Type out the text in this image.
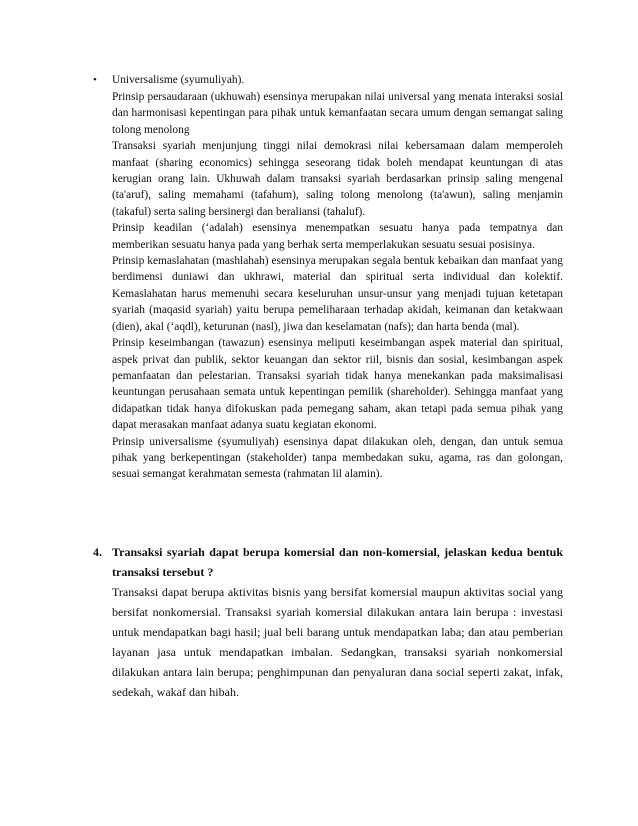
• Universalisme (syumuliyah).

Prinsip persaudaraan (ukhuwah) esensinya merupakan nilai universal yang menata interaksi sosial dan harmonisasi kepentingan para pihak untuk kemanfaatan secara umum dengan semangat saling tolong menolong

Transaksi syariah menjunjung tinggi nilai demokrasi nilai kebersamaan dalam memperoleh manfaat (sharing economics) sehingga seseorang tidak boleh mendapat keuntungan di atas kerugian orang lain. Ukhuwah dalam transaksi syariah berdasarkan prinsip saling mengenal (ta'aruf), saling memahami (tafahum), saling tolong menolong (ta'awun), saling menjamin (takaful) serta saling bersinergi dan beraliansi (tahaluf).

Prinsip keadilan (‘adalah) esensinya menempatkan sesuatu hanya pada tempatnya dan memberikan sesuatu hanya pada yang berhak serta memperlakukan sesuatu sesuai posisinya.

Prinsip kemaslahatan (mashlahah) esensinya merupakan segala bentuk kebaikan dan manfaat yang berdimensi duniawi dan ukhrawi, material dan spiritual serta individual dan kolektif. Kemaslahatan harus memenuhi secara keseluruhan unsur-unsur yang menjadi tujuan ketetapan syariah (maqasid syariah) yaitu berupa pemeliharaan terhadap akidah, keimanan dan ketakwaan (dien), akal (‘aqdl), keturunan (nasl), jiwa dan keselamatan (nafs); dan harta benda (mal).

Prinsip keseimbangan (tawazun) esensinya meliputi keseimbangan aspek material dan spiritual, aspek privat dan publik, sektor keuangan dan sektor riil, bisnis dan sosial, kesimbangan aspek pemanfaatan dan pelestarian. Transaksi syariah tidak hanya menekankan pada maksimalisasi keuntungan perusahaan semata untuk kepentingan pemilik (shareholder). Sehingga manfaat yang didapatkan tidak hanya difokuskan pada pemegang saham, akan tetapi pada semua pihak yang dapat merasakan manfaat adanya suatu kegiatan ekonomi.

Prinsip universalisme (syumuliyah) esensinya dapat dilakukan oleh, dengan, dan untuk semua pihak yang berkepentingan (stakeholder) tanpa membedakan suku, agama, ras dan golongan, sesuai semangat kerahmatan semesta (rahmatan lil alamin).

4. Transaksi syariah dapat berupa komersial dan non-komersial, jelaskan kedua bentuk transaksi tersebut ?

Transaksi dapat berupa aktivitas bisnis yang bersifat komersial maupun aktivitas social yang bersifat nonkomersial. Transaksi syariah komersial dilakukan antara lain berupa : investasi untuk mendapatkan bagi hasil; jual beli barang untuk mendapatkan laba; dan atau pemberian layanan jasa untuk mendapatkan imbalan. Sedangkan, transaksi syariah nonkomersial dilakukan antara lain berupa; penghimpunan dan penyaluran dana social seperti zakat, infak, sedekah, wakaf dan hibah.
